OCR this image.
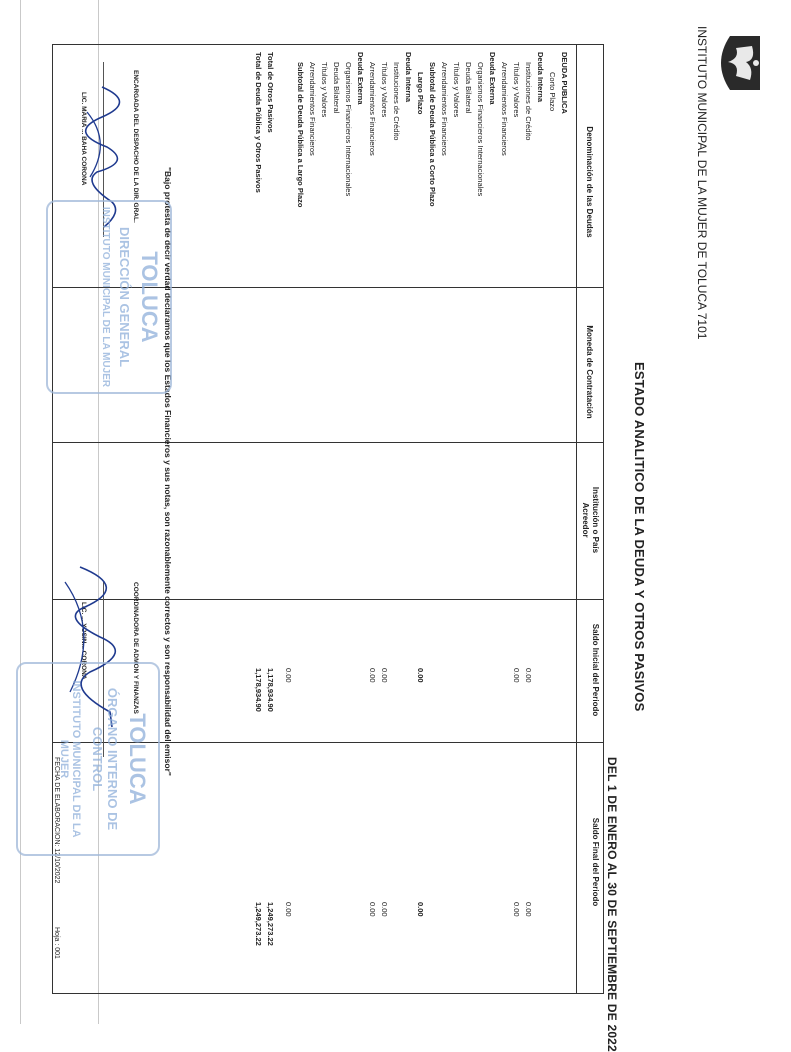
INSTITUTO MUNICIPAL DE LA MUJER DE TOLUCA 7101
ESTADO ANALITICO DE LA DEUDA Y OTROS PASIVOS
DEL 1 DE ENERO AL 30 DE SEPTIEMBRE DE 2022
Denominación de las Deudas
Moneda de Contratación
Institución o País Acreedor
Saldo Inicial del Periodo
Saldo Final del Periodo
DEUDA PUBLICA
Corto Plazo
Deuda Interna
Instituciones de Crédito
0.00
0.00
Títulos y Valores
0.00
0.00
Arrendamientos Financieros
Deuda Externa
Organismos Financieros Internacionales
Deuda Bilateral
Títulos y Valores
Arrendamientos Financieros
Subtotal de Deuda Pública a Corto Plazo
Largo Plazo
0.00
0.00
Deuda Interna
Instituciones de Crédito
Títulos y Valores
0.00
0.00
Arrendamientos Financieros
0.00
0.00
Deuda Externa
Organismos Financieros Internacionales
Deuda Bilateral
Títulos y Valores
Arrendamientos Financieros
Subtotal de Deuda Pública a Largo Plazo
0.00
0.00
Total de Otros Pasivos
1,178,934.90
1,249,273.22
Total de Deuda Pública y Otros Pasivos
1,178,934.90
1,249,273.22
"Bajo protesta de decir verdad declaramos que los Estados Financieros y sus notas, son razonablemente correctos y son responsabilidad del emisor"
ENCARGADA DEL DESPACHO DE LA DIR. GRAL.
LIC. MARIA ... BAHA CORONA
COORDINADORA DE ADMON Y FINANZAS
LIC. ... YOSIN... CORONA
FECHA DE ELABORACION: 12/10/2022
Hoja : 001
TOLUCA
DIRECCIÓN GENERAL
INSTITUTO MUNICIPAL DE LA MUJER
TOLUCA
ÓRGANO INTERNO DE CONTROL
INSTITUTO MUNICIPAL DE LA MUJER
